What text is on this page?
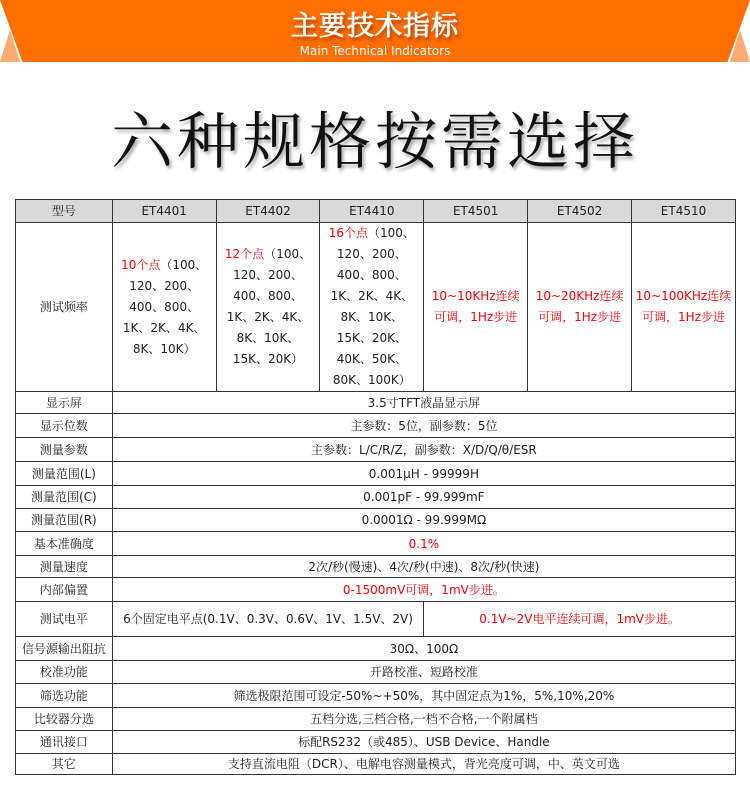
主要技术指标
Main Technical Indicators
六种规格按需选择
型号	ET4401	ET4402	ET4410	ET4501	ET4502	ET4510
测试频率	10个点（100、120、200、400、800、1K、2K、4K、8K、10K）	12个点（100、120、200、400、800、1K、2K、4K、8K、10K、15K、20K）	16个点（100、120、200、400、800、1K、2K、4K、8K、10K、15K、20K、40K、50K、80K、100K）	10~10KHz连续可调，1Hz步进	10~20KHz连续可调，1Hz步进	10~100KHz连续可调，1Hz步进
显示屏	3.5寸TFT液晶显示屏					
显示位数	主参数：5位，副参数：5位					
测量参数	主参数：L/C/R/Z，副参数：X/D/Q/θ/ESR					
测量范围(L)	0.001μH - 99999H					
测量范围(C)	0.001pF - 99.999mF					
测量范围(R)	0.0001Ω - 99.999MΩ					
基本准确度	0.1%					
测量速度	2次/秒(慢速)、4次/秒(中速)、8次/秒(快速)					
内部偏置	0-1500mV可调，1mV步进。					
测试电平	6个固定电平点(0.1V、0.3V、0.6V、1V、1.5V、2V)			0.1V~2V电平连续可调，1mV步进。		
信号源输出阻抗	30Ω、100Ω					
校准功能	开路校准、短路校准					
筛选功能	筛选极限范围可设定-50%~+50%，其中固定点为1%，5%,10%,20%					
比较器分选	五档分选,三档合格,一档不合格,一个附属档					
通讯接口	标配RS232（或485）、USB Device、Handle					
其它	支持直流电阻（DCR）、电解电容测量模式，背光亮度可调，中、英文可选					
